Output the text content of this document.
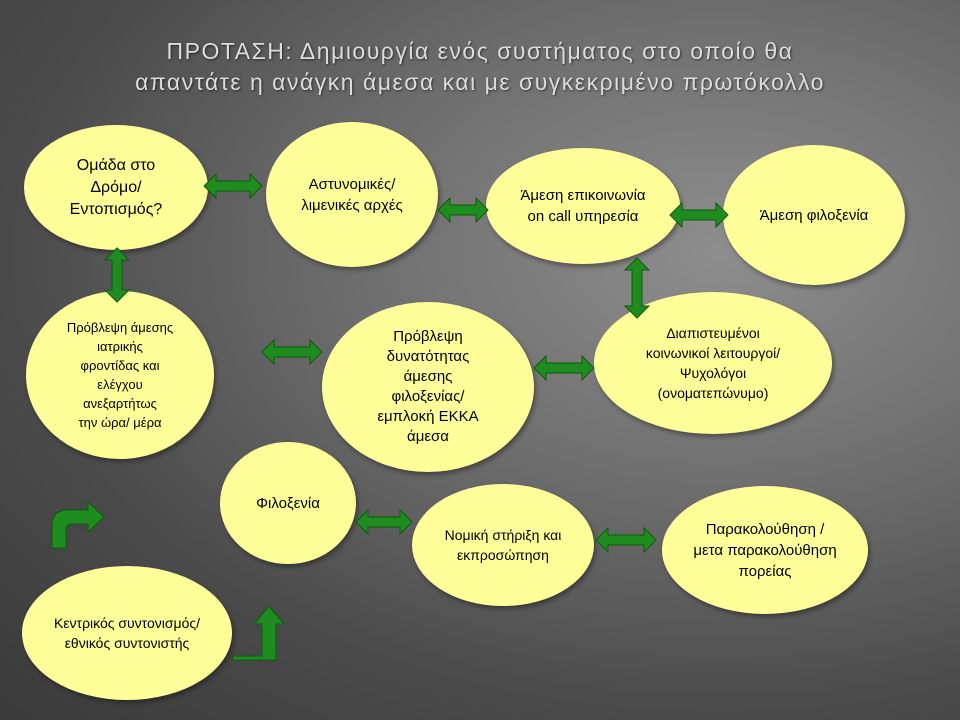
ΠΡΟΤΑΣΗ: Δημιουργία ενός συστήματος στο οποίο θα
απαντάτε η ανάγκη άμεσα και με συγκεκριμένο πρωτόκολλο
Ομάδα στο
Δρόμο/
Εντοπισμός?
Αστυνομικές/
λιμενικές αρχές
Άμεση επικοινωνία
on call υπηρεσία	Άμεση φιλοξενία
Πρόβλεψη άμεσης
ιατρικής
φροντίδας και
ελέγχου
ανεξαρτήτως
την ώρα/ μέρα
Πρόβλεψη
δυνατότητας
άμεσης
φιλοξενίας/
εμπλοκή ΕΚΚΑ
άμεσα
Διαπιστευμένοι
κοινωνικοί λειτουργοί/
Ψυχολόγοι
(ονοματεπώνυμο)
Φιλοξενία
Νομική στήριξη και
εκπροσώπηση
Παρακολούθηση /
μετα παρακολούθηση
πορείας
Κεντρικός συντονισμός/
εθνικός συντονιστής
